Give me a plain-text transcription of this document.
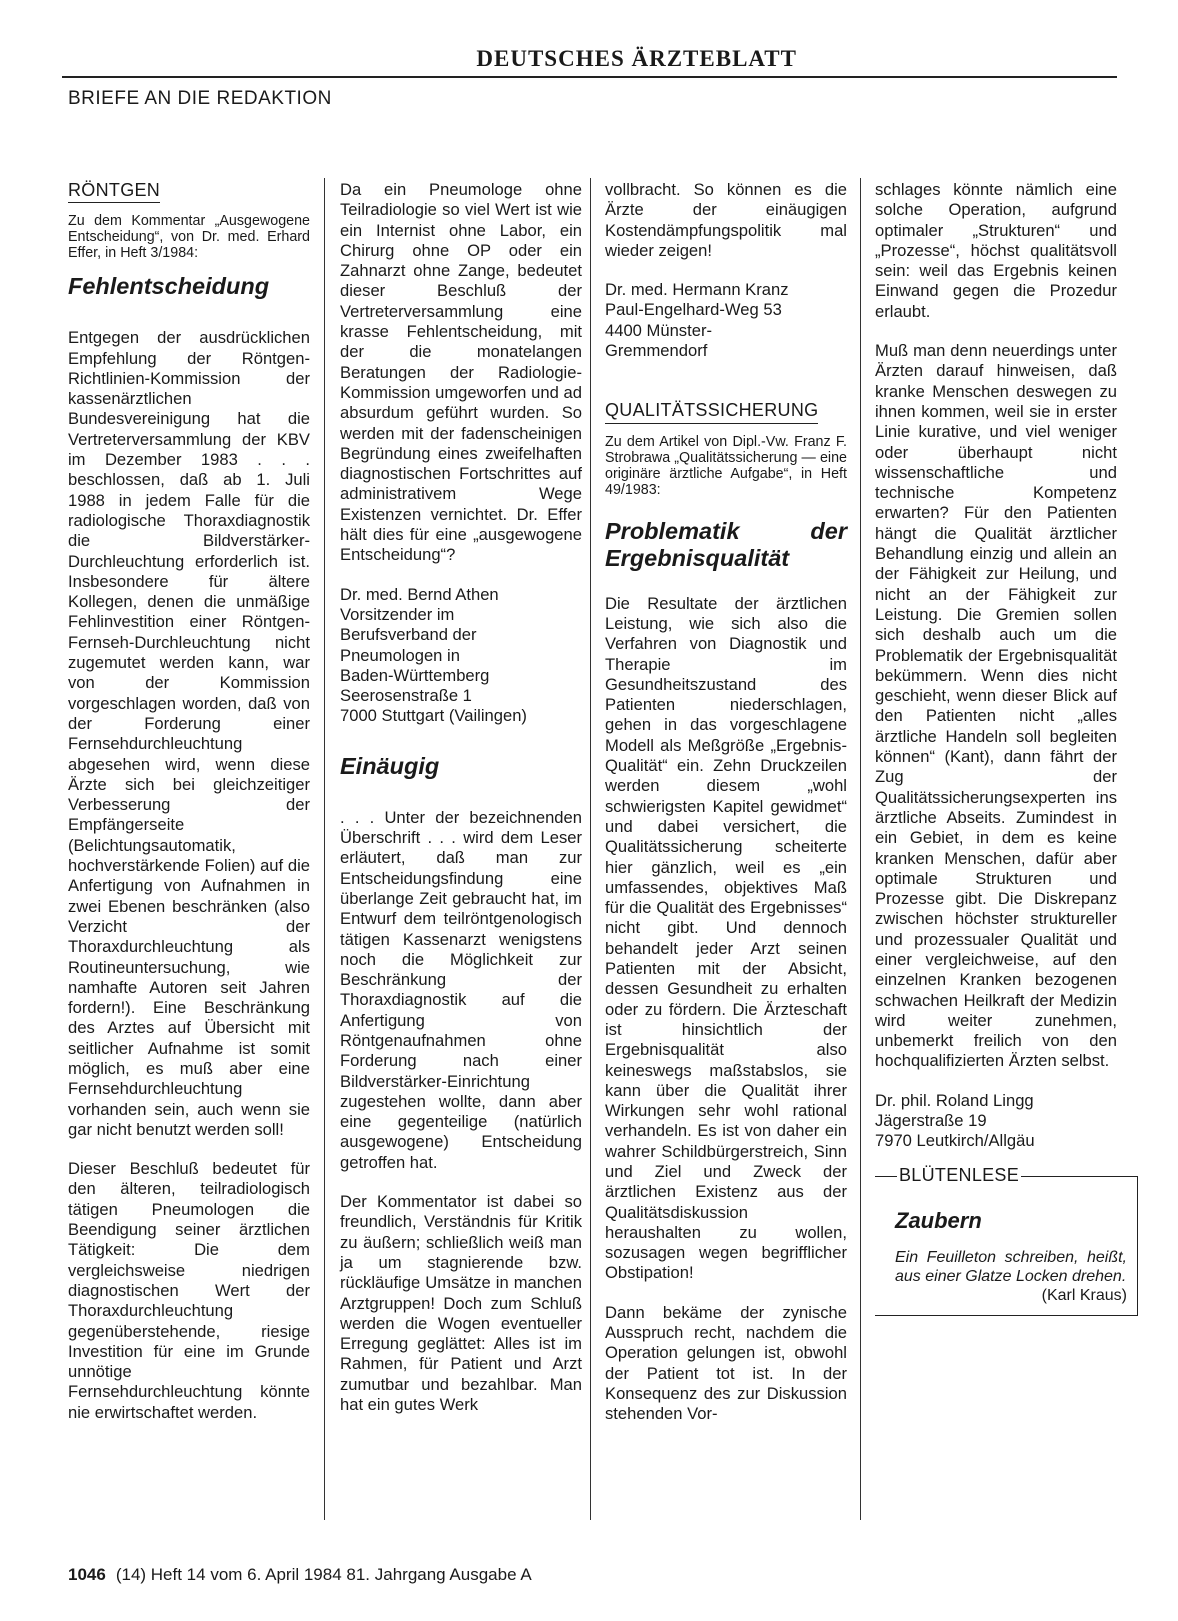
DEUTSCHES ÄRZTEBLATT
BRIEFE AN DIE REDAKTION
RÖNTGEN
Zu dem Kommentar „Ausgewogene Entscheidung“, von Dr. med. Erhard Effer, in Heft 3/1984:
Fehlentscheidung

Entgegen der ausdrücklichen Empfehlung der Röntgen-Richtlinien-Kommission der kassenärztlichen Bundesvereinigung hat die Vertreterversammlung der KBV im Dezember 1983 . . . beschlossen, daß ab 1. Juli 1988 in jedem Falle für die radiologische Thoraxdiagnostik die Bildverstärker-Durchleuchtung erforderlich ist. Insbesondere für ältere Kollegen, denen die unmäßige Fehlinvestition einer Röntgen-Fernseh-Durchleuchtung nicht zugemutet werden kann, war von der Kommission vorgeschlagen worden, daß von der Forderung einer Fernsehdurchleuchtung abgesehen wird, wenn diese Ärzte sich bei gleichzeitiger Verbesserung der Empfängerseite (Belichtungsautomatik, hochverstärkende Folien) auf die Anfertigung von Aufnahmen in zwei Ebenen beschränken (also Verzicht der Thoraxdurchleuchtung als Routineuntersuchung, wie namhafte Autoren seit Jahren fordern!). Eine Beschränkung des Arztes auf Übersicht mit seitlicher Aufnahme ist somit möglich, es muß aber eine Fernsehdurchleuchtung vorhanden sein, auch wenn sie gar nicht benutzt werden soll!

Dieser Beschluß bedeutet für den älteren, teilradiologisch tätigen Pneumologen die Beendigung seiner ärztlichen Tätigkeit: Die dem vergleichsweise niedrigen diagnostischen Wert der Thoraxdurchleuchtung gegenüberstehende, riesige Investition für eine im Grunde unnötige Fernsehdurchleuchtung könnte nie erwirtschaftet werden.

Da ein Pneumologe ohne Teilradiologie so viel Wert ist wie ein Internist ohne Labor, ein Chirurg ohne OP oder ein Zahnarzt ohne Zange, bedeutet dieser Beschluß der Vertreterversammlung eine krasse Fehlentscheidung, mit der die monatelangen Beratungen der Radiologie-Kommission umgeworfen und ad absurdum geführt wurden. So werden mit der fadenscheinigen Begründung eines zweifelhaften diagnostischen Fortschrittes auf administrativem Wege Existenzen vernichtet. Dr. Effer hält dies für eine „ausgewogene Entscheidung“?

Dr. med. Bernd Athen
Vorsitzender im
Berufsverband der
Pneumologen in
Baden-Württemberg
Seerosenstraße 1
7000 Stuttgart (Vailingen)

Einäugig

. . . Unter der bezeichnenden Überschrift . . . wird dem Leser erläutert, daß man zur Entscheidungsfindung eine überlange Zeit gebraucht hat, im Entwurf dem teilröntgenologisch tätigen Kassenarzt wenigstens noch die Möglichkeit zur Beschränkung der Thoraxdiagnostik auf die Anfertigung von Röntgenaufnahmen ohne Forderung nach einer Bildverstärker-Einrichtung zugestehen wollte, dann aber eine gegenteilige (natürlich ausgewogene) Entscheidung getroffen hat.

Der Kommentator ist dabei so freundlich, Verständnis für Kritik zu äußern; schließlich weiß man ja um stagnierende bzw. rückläufige Umsätze in manchen Arztgruppen! Doch zum Schluß werden die Wogen eventueller Erregung geglättet: Alles ist im Rahmen, für Patient und Arzt zumutbar und bezahlbar. Man hat ein gutes Werk

vollbracht. So können es die Ärzte der einäugigen Kostendämpfungspolitik mal wieder zeigen!

Dr. med. Hermann Kranz
Paul-Engelhard-Weg 53
4400 Münster-
Gremmendorf

QUALITÄTSSICHERUNG
Zu dem Artikel von Dipl.-Vw. Franz F. Strobrawa „Qualitätssicherung — eine originäre ärztliche Aufgabe“, in Heft 49/1983:
Problematik der Ergebnisqualität

Die Resultate der ärztlichen Leistung, wie sich also die Verfahren von Diagnostik und Therapie im Gesundheitszustand des Patienten niederschlagen, gehen in das vorgeschlagene Modell als Meßgröße „Ergebnis-Qualität“ ein. Zehn Druckzeilen werden diesem „wohl schwierigsten Kapitel gewidmet“ und dabei versichert, die Qualitätssicherung scheiterte hier gänzlich, weil es „ein umfassendes, objektives Maß für die Qualität des Ergebnisses“ nicht gibt. Und dennoch behandelt jeder Arzt seinen Patienten mit der Absicht, dessen Gesundheit zu erhalten oder zu fördern. Die Ärzteschaft ist hinsichtlich der Ergebnisqualität also keineswegs maßstabslos, sie kann über die Qualität ihrer Wirkungen sehr wohl rational verhandeln. Es ist von daher ein wahrer Schildbürgerstreich, Sinn und Ziel und Zweck der ärztlichen Existenz aus der Qualitätsdiskussion heraushalten zu wollen, sozusagen wegen begrifflicher Obstipation!

Dann bekäme der zynische Ausspruch recht, nachdem die Operation gelungen ist, obwohl der Patient tot ist. In der Konsequenz des zur Diskussion stehenden Vor-

schlages könnte nämlich eine solche Operation, aufgrund optimaler „Strukturen“ und „Prozesse“, höchst qualitätsvoll sein: weil das Ergebnis keinen Einwand gegen die Prozedur erlaubt.

Muß man denn neuerdings unter Ärzten darauf hinweisen, daß kranke Menschen deswegen zu ihnen kommen, weil sie in erster Linie kurative, und viel weniger oder überhaupt nicht wissenschaftliche und technische Kompetenz erwarten? Für den Patienten hängt die Qualität ärztlicher Behandlung einzig und allein an der Fähigkeit zur Heilung, und nicht an der Fähigkeit zur Leistung. Die Gremien sollen sich deshalb auch um die Problematik der Ergebnisqualität bekümmern. Wenn dies nicht geschieht, wenn dieser Blick auf den Patienten nicht „alles ärztliche Handeln soll begleiten können“ (Kant), dann fährt der Zug der Qualitätssicherungsexperten ins ärztliche Abseits. Zumindest in ein Gebiet, in dem es keine kranken Menschen, dafür aber optimale Strukturen und Prozesse gibt. Die Diskrepanz zwischen höchster struktureller und prozessualer Qualität und einer vergleichweise, auf den einzelnen Kranken bezogenen schwachen Heilkraft der Medizin wird weiter zunehmen, unbemerkt freilich von den hochqualifizierten Ärzten selbst.

Dr. phil. Roland Lingg
Jägerstraße 19
7970 Leutkirch/Allgäu

BLÜTENLESE
Zaubern

Ein Feuilleton schreiben, heißt, aus einer Glatze Locken drehen.
(Karl Kraus)

1046 (14) Heft 14 vom 6. April 1984 81. Jahrgang Ausgabe A
